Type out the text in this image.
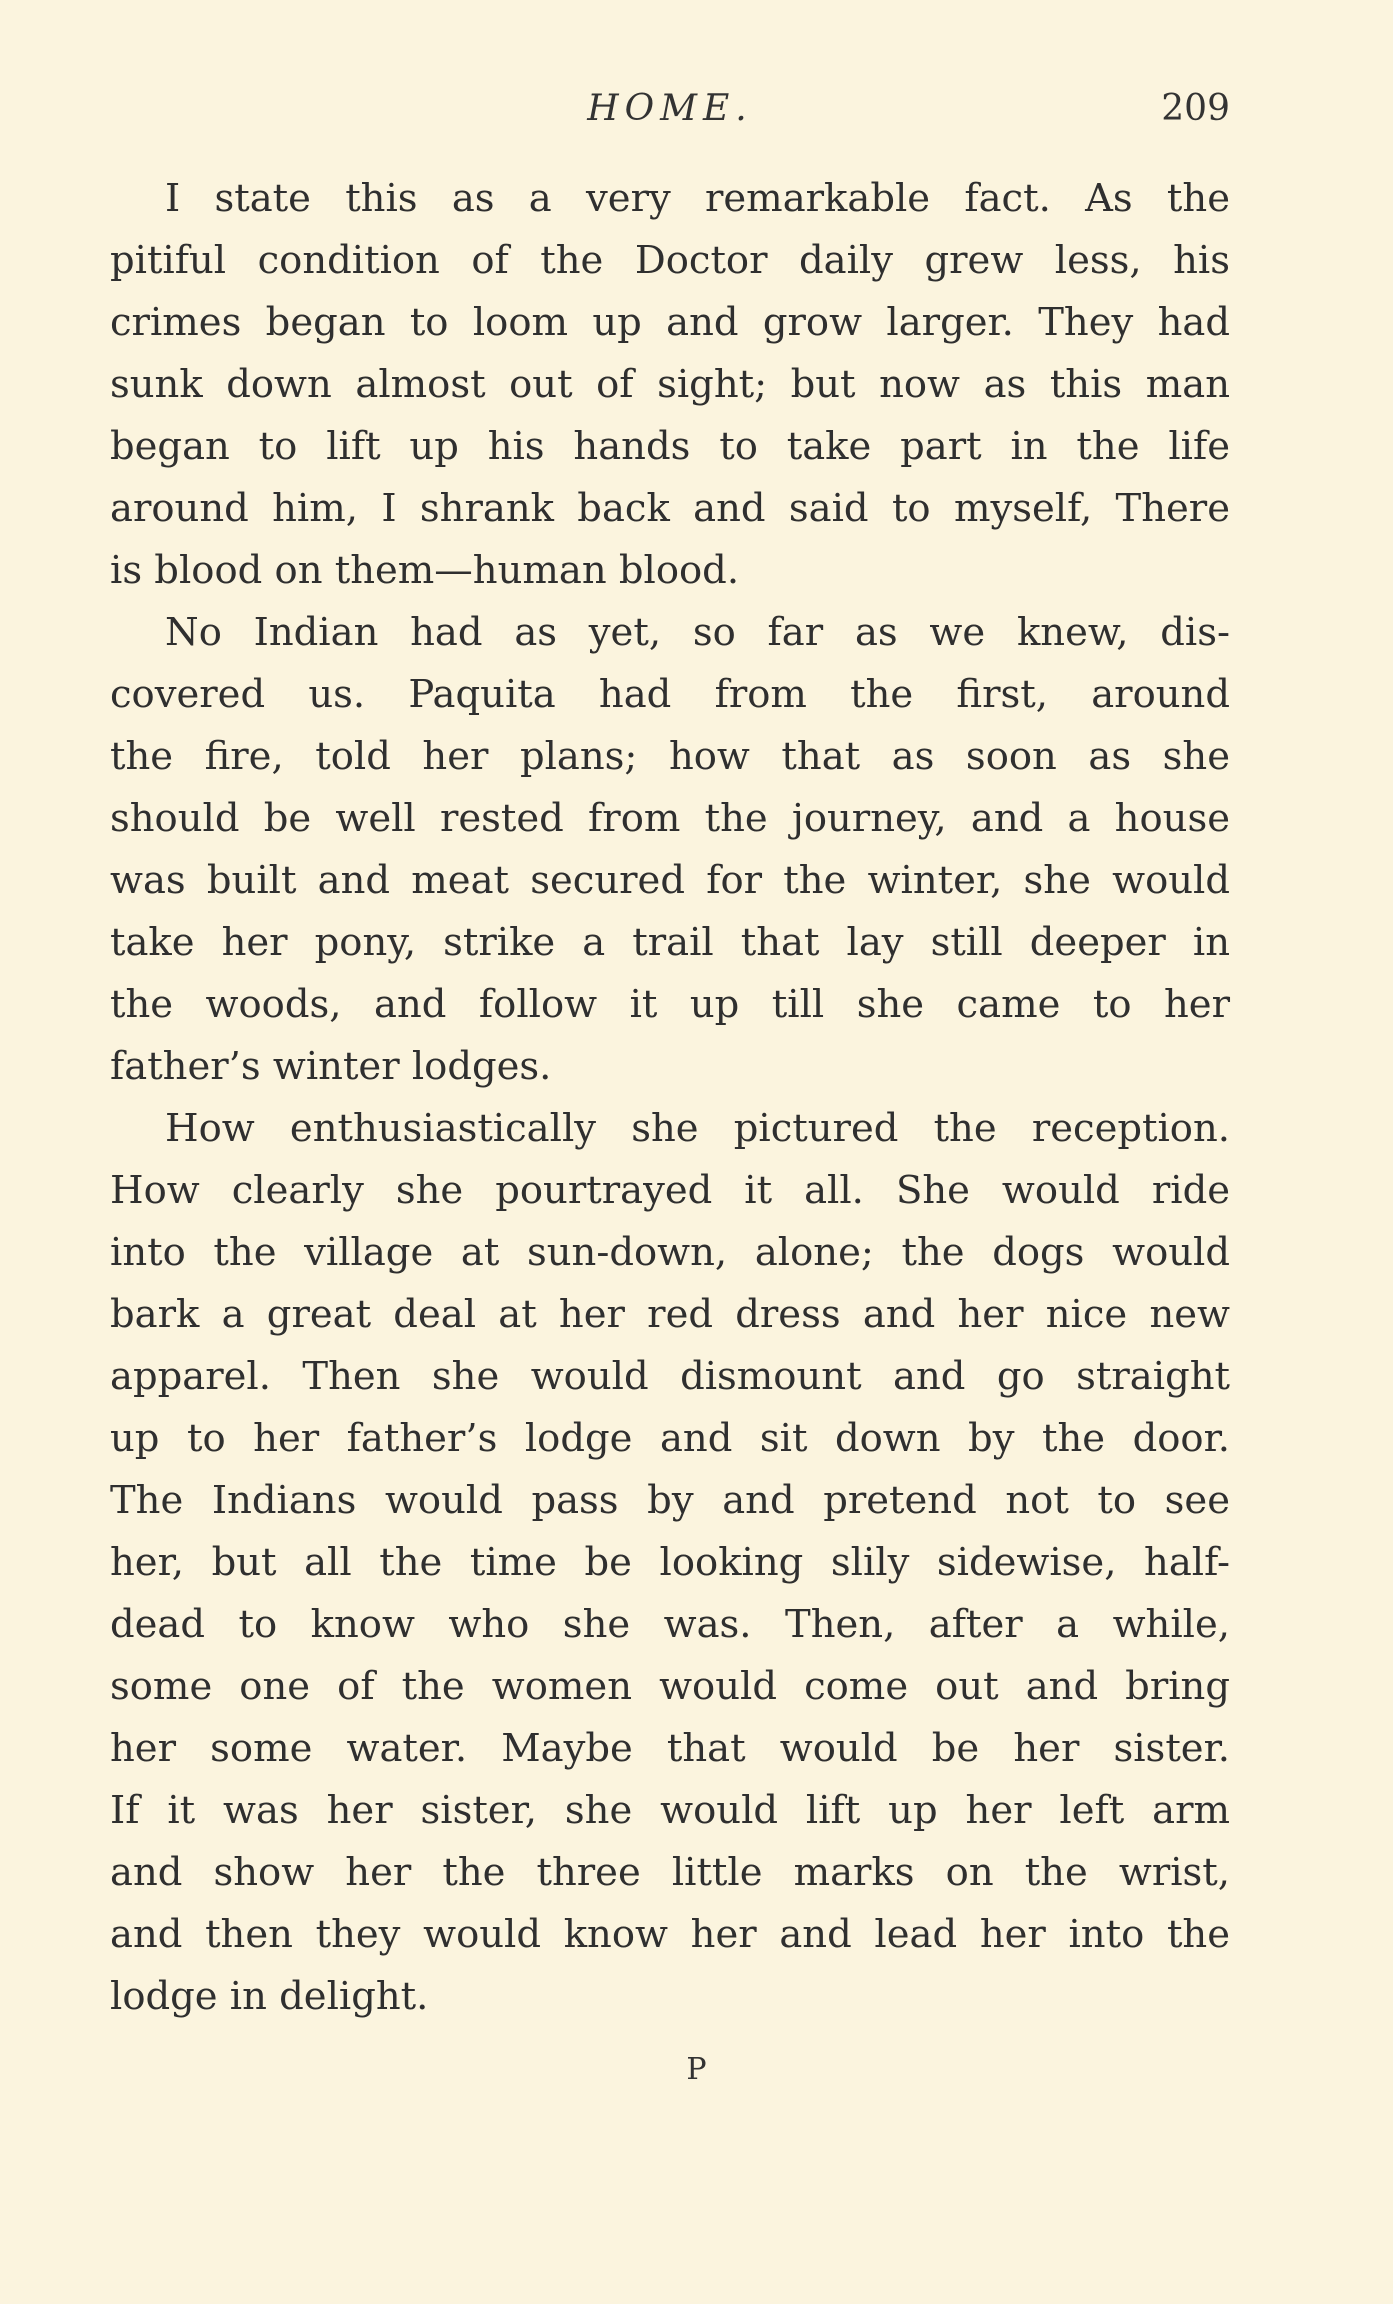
HOME.	209

I state this as a very remarkable fact. As the
pitiful condition of the Doctor daily grew less, his
crimes began to loom up and grow larger. They had
sunk down almost out of sight; but now as this man
began to lift up his hands to take part in the life
around him, I shrank back and said to myself, There
is blood on them—human blood.

No Indian had as yet, so far as we knew, dis-
covered us. Paquita had from the first, around
the fire, told her plans; how that as soon as she
should be well rested from the journey, and a house
was built and meat secured for the winter, she would
take her pony, strike a trail that lay still deeper in
the woods, and follow it up till she came to her
father’s winter lodges.

How enthusiastically she pictured the reception.
How clearly she pourtrayed it all. She would ride
into the village at sun-down, alone; the dogs would
bark a great deal at her red dress and her nice new
apparel. Then she would dismount and go straight
up to her father’s lodge and sit down by the door.
The Indians would pass by and pretend not to see
her, but all the time be looking slily sidewise, half-
dead to know who she was. Then, after a while,
some one of the women would come out and bring
her some water. Maybe that would be her sister.
If it was her sister, she would lift up her left arm
and show her the three little marks on the wrist,
and then they would know her and lead her into the
lodge in delight.

P
